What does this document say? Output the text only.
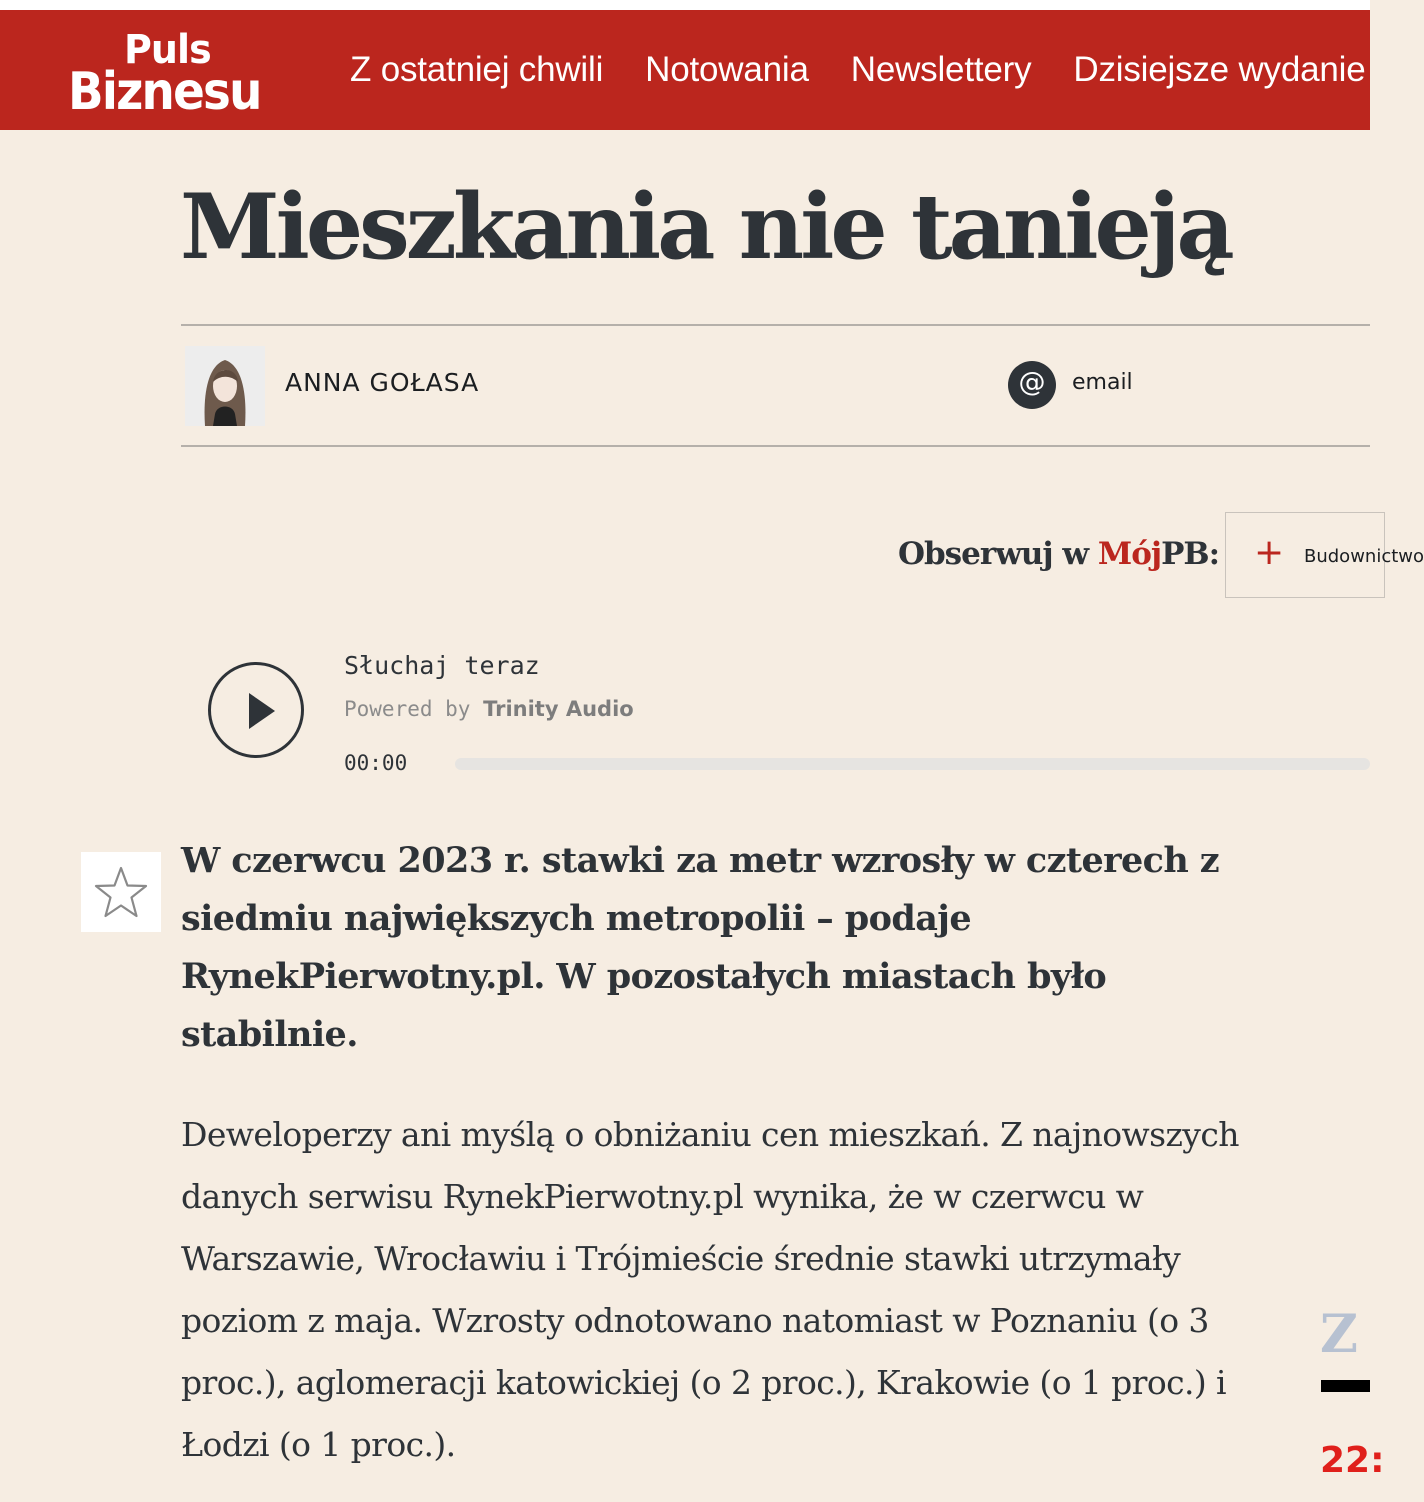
Puls
Biznesu	Z ostatniej chwili Notowania Newslettery Dzisiejsze wydanie
Mieszkania nie tanieją
ANNA GOŁASA	@	email
Obserwuj w MójPB: + Budownictwo
Słuchaj teraz
Powered by Trinity Audio
00:00

W czerwcu 2023 r. stawki za metr wzrosły w czterech z siedmiu największych metropolii – podaje RynekPierwotny.pl. W pozostałych miastach było stabilnie.

Deweloperzy ani myślą o obniżaniu cen mieszkań. Z najnowszych danych serwisu RynekPierwotny.pl wynika, że w czerwcu w Warszawie, Wrocławiu i Trójmieście średnie stawki utrzymały poziom z maja. Wzrosty odnotowano natomiast w Poznaniu (o 3 proc.), aglomeracji katowickiej (o 2 proc.), Krakowie (o 1 proc.) i Łodzi (o 1 proc.).

Z
22:
